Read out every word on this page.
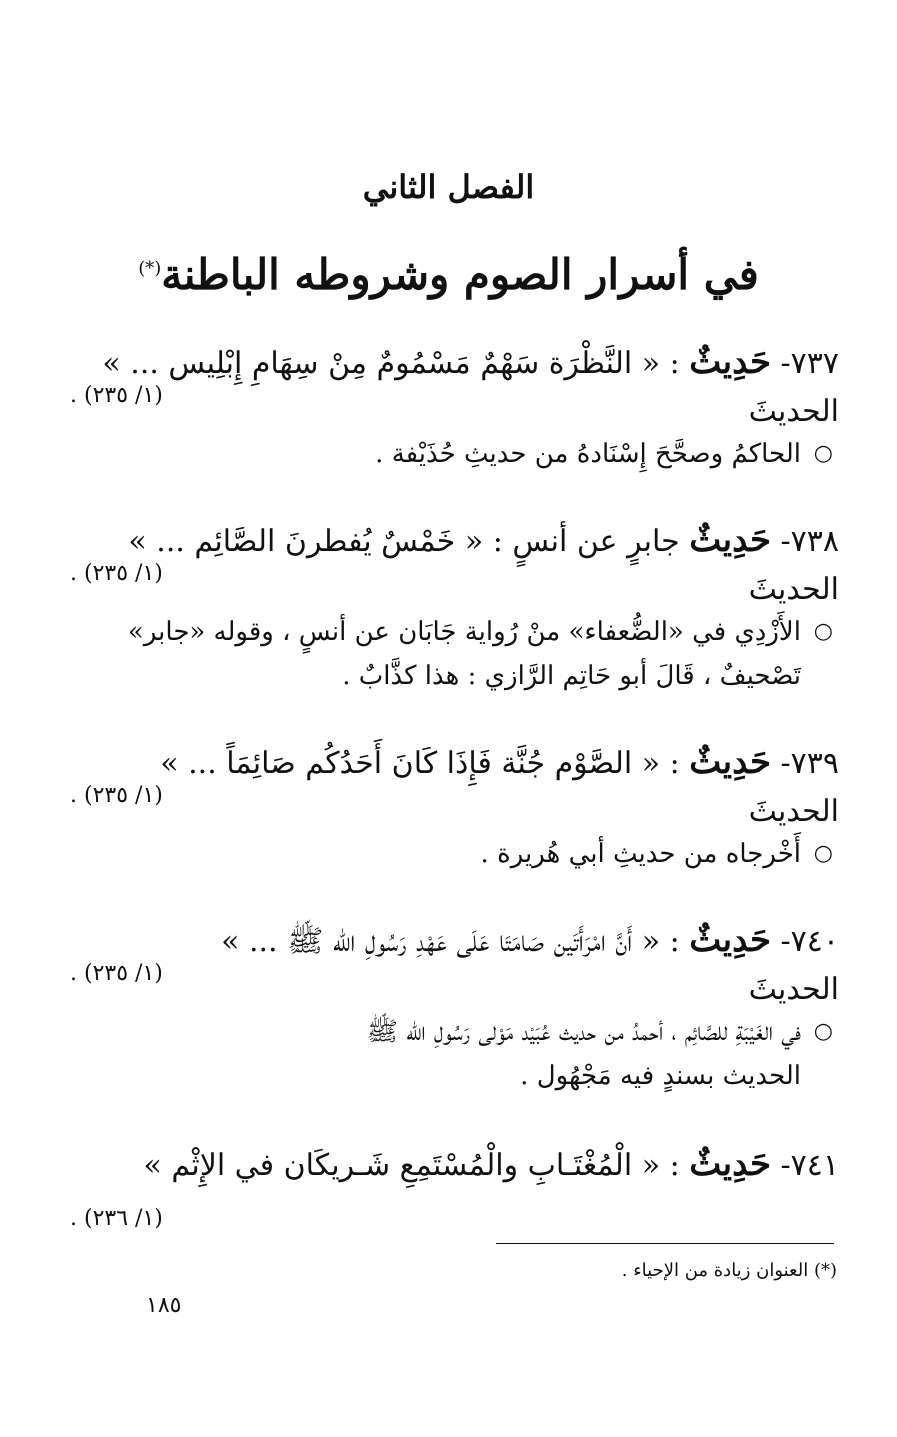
الفصل الثاني
في أسرار الصوم وشروطه الباطنة(*)
٧٣٧- حَدِيثٌ : « النَّظْرَة سَهْمٌ مَسْمُومٌ مِنْ سِهَامِ إِبْلِيس ... »
الحديثَ
(١/ ٢٣٥) .
○
الحاكمُ وصحَّحَ إِسْنَادهُ من حديثِ حُذَيْفة .
٧٣٨- حَدِيثٌ جابرٍ عن أنسٍ : « خَمْسٌ يُفطرنَ الصَّائِم ... »
الحديثَ
(١/ ٢٣٥) .
○
الأَزْدِي في «الضُّعفاء» منْ رُواية جَابَان عن أنسٍ ، وقوله «جابر»
تَصْحيفٌ ، قَالَ أبو حَاتِم الرَّازي : هذا كذَّابٌ .
٧٣٩- حَدِيثٌ : « الصَّوْم جُنَّة فَإِذَا كَانَ أَحَدُكُم صَائِمَاً ... »
الحديثَ
(١/ ٢٣٥) .
○
أَخْرجاه من حديثِ أبي هُريرة .
٧٤٠- حَدِيثٌ : « أَنَّ امْرَأَتَين صَامَتَا عَلَى عَهْدِ رَسُولِ الله ﷺ ... »
الحديثَ
(١/ ٢٣٥) .
○
في الغَيْبَةِ للصَّائِم ، أحمدُ من حديث عُبَيْد مَوْلى رَسُولِ الله ﷺ
الحديث بسندٍ فيه مَجْهُول .
٧٤١- حَدِيثٌ : « الْمُغْتَـابِ والْمُسْتَمِعِ شَـريكَان في الإِثْم »
(١/ ٢٣٦) .
(*) العنوان زيادة من الإحياء .
١٨٥
